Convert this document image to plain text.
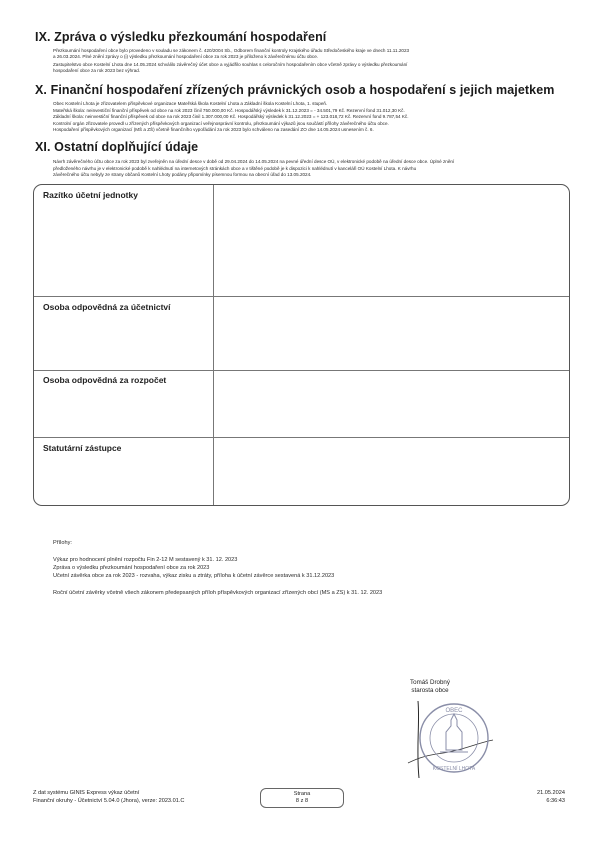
IX. Zpráva o výsledku přezkoumání hospodaření
Přezkoumání hospodaření obce bylo provedeno v souladu se zákonem č. 420/2004 Sb., Odborem finanční kontroly Krajského úřadu Středočeského kraje ve dnech 11.11.2023
a 26.03.2024. Plné znění zprávy o (i) výsledku přezkoumání hospodaření obce za rok 2023 je přiloženo k závěrečnému účtu obce.
Zastupitelstvo obce Kostelní Lhota dne 14.05.2024 schválilo závěrečný účet obce a vyjádřilo souhlas s celoročním hospodařením obce včetně zprávy o výsledku přezkoumání
hospodaření obce za rok 2023 bez výhrad.
X. Finanční hospodaření zřízených právnických osob a hospodaření s jejich majetkem
Obec Kostelní Lhota je zřizovatelem příspěvkové organizace Mateřská škola Kostelní Lhota a Základní škola Kostelní Lhota, 1. stupeň.
Mateřská škola: neinvestiční finanční příspěvek od obce na rok 2023 činil 750.000,00 Kč. Hospodářský výsledek k 31.12.2023 = - 34.501,79 Kč. Rezervní fond 31.012,30 Kč.
Základní škola: neinvestiční finanční příspěvek od obce na rok 2023 činil 1.307.000,00 Kč. Hospodářský výsledek k 31.12.2023 = + 123.018,72 Kč. Rezervní fond 9.787,54 Kč.
Kontrolní orgán zřizovatele provedl u zřízených příspěvkových organizací veřejnosprávní kontrolu, přezkoumání výkazů jsou součástí přílohy závěrečného účtu obce.
Hospodaření příspěvkových organizací (MŠ a ZŠ) včetně finančního vypořádání za rok 2023 bylo schváleno na zasedání ZO dne 14.05.2024 usnesením č. 6.
XI. Ostatní doplňující údaje
Návrh závěrečného účtu obce za rok 2023 byl zveřejněn na úřední desce v době od 29.04.2024 do 14.05.2024 na pevné úřední desce OÚ, v elektronické podobě na úřední desce obce. Úplné znění
předloženého návrhu je v elektronické podobě k nahlédnutí na internetových stránkách obce a v tištěné podobě je k dispozici k nahlédnutí v kanceláři OÚ Kostelní Lhota. K návrhu
závěrečného účtu nebyly ze strany občanů Kostelní Lhoty podány připomínky písemnou formou na obecní úřad do 13.05.2024.
Razítko účetní jednotky
Osoba odpovědná za účetnictví
Osoba odpovědná za rozpočet
Statutární zástupce
Přílohy:
Výkaz pro hodnocení plnění rozpočtu Fin 2-12 M sestavený k 31. 12. 2023
Zpráva o výsledku přezkoumání hospodaření obce za rok 2023
Účetní závěrka obce za rok 2023 - rozvaha, výkaz zisku a ztráty, příloha k účetní závěrce sestavená k 31.12.2023
Roční účetní závěrky včetně všech zákonem předepsaných příloh příspěvkových organizací zřízených obcí (MŠ a ZŠ) k 31. 12. 2023
Tomáš Drobný
starosta obce
OBEC
KOSTELNÍ LHOTA
Z dat systému GINIS Express výkaz účetní
Finanční okruhy - Účetnictví 5.04.0 (Jhora), verze: 2023.01.C
Strana
8 z 8
21.05.2024
6:36:43
